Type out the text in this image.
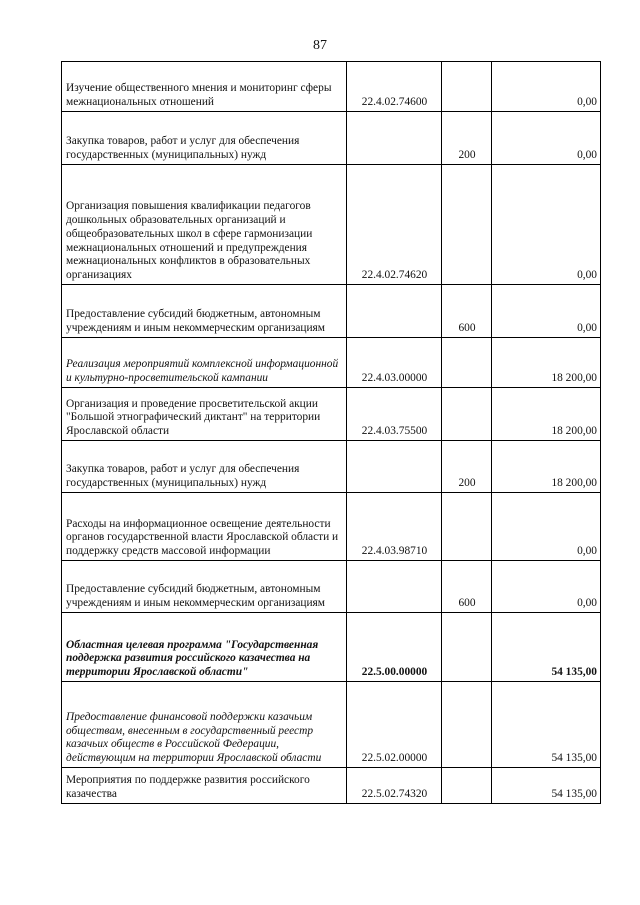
87
Изучение общественного мнения и мониторинг сферы межнациональных отношений	22.4.02.74600		0,00
Закупка товаров, работ и услуг для обеспечения государственных (муниципальных) нужд		200	0,00
Организация повышения квалификации педагогов дошкольных образовательных организаций и общеобразовательных школ в сфере гармонизации межнациональных отношений и предупреждения межнациональных конфликтов в образовательных организациях	22.4.02.74620		0,00
Предоставление субсидий бюджетным, автономным учреждениям и иным некоммерческим организациям		600	0,00
Реализация мероприятий комплексной информационной и культурно-просветительской кампании	22.4.03.00000		18 200,00
Организация и проведение просветительской акции "Большой этнографический диктант" на территории Ярославской области	22.4.03.75500		18 200,00
Закупка товаров, работ и услуг для обеспечения государственных (муниципальных) нужд		200	18 200,00
Расходы на информационное освещение деятельности органов государственной власти Ярославской области и поддержку средств массовой информации	22.4.03.98710		0,00
Предоставление субсидий бюджетным, автономным учреждениям и иным некоммерческим организациям		600	0,00
Областная целевая программа "Государственная поддержка развития российского казачества на территории Ярославской области"	22.5.00.00000		54 135,00
Предоставление финансовой поддержки казачьим обществам, внесенным в государственный реестр казачьих обществ в Российской Федерации, действующим на территории Ярославской области	22.5.02.00000		54 135,00
Мероприятия по поддержке развития российского казачества	22.5.02.74320		54 135,00
